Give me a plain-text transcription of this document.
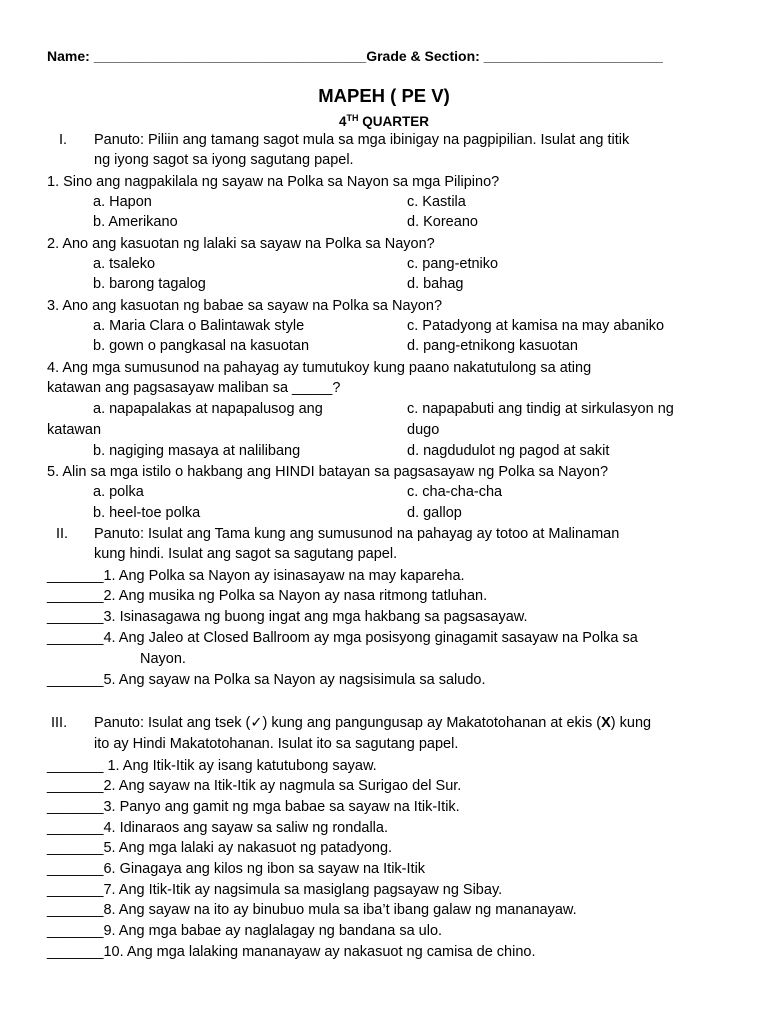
Name: ___________________________________Grade & Section: _______________________
MAPEH ( PE V)
4TH QUARTER
I. Panuto: Piliin ang tamang sagot mula sa mga ibinigay na pagpipilian. Isulat ang titik
ng iyong sagot sa iyong sagutang papel.
1. Sino ang nagpakilala ng sayaw na Polka sa Nayon sa mga Pilipino?
a. Hapon	c. Kastila
b. Amerikano	d. Koreano
2. Ano ang kasuotan ng lalaki sa sayaw na Polka sa Nayon?
a. tsaleko	c. pang-etniko
b. barong tagalog	d. bahag
3. Ano ang kasuotan ng babae sa sayaw na Polka sa Nayon?
a. Maria Clara o Balintawak style	c. Patadyong at kamisa na may abaniko
b. gown o pangkasal na kasuotan	d. pang-etnikong kasuotan
4. Ang mga sumusunod na pahayag ay tumutukoy kung paano nakatutulong sa ating
katawan ang pagsasayaw maliban sa _____?
a. napapalakas at napapalusog ang	c. napapabuti ang tindig at sirkulasyon ng
katawan	dugo
b. nagiging masaya at nalilibang	d. nagdudulot ng pagod at sakit
5. Alin sa mga istilo o hakbang ang HINDI batayan sa pagsasayaw ng Polka sa Nayon?
a. polka	c. cha-cha-cha
b. heel-toe polka	d. gallop
II. Panuto: Isulat ang Tama kung ang sumusunod na pahayag ay totoo at Malinaman
kung hindi. Isulat ang sagot sa sagutang papel.
_______1. Ang Polka sa Nayon ay isinasayaw na may kapareha.
_______2. Ang musika ng Polka sa Nayon ay nasa ritmong tatluhan.
_______3. Isinasagawa ng buong ingat ang mga hakbang sa pagsasayaw.
_______4. Ang Jaleo at Closed Ballroom ay mga posisyong ginagamit sasayaw na Polka sa
Nayon.
_______5. Ang sayaw na Polka sa Nayon ay nagsisimula sa saludo.
III. Panuto: Isulat ang tsek (✓) kung ang pangungusap ay Makatotohanan at ekis (X) kung
ito ay Hindi Makatotohanan. Isulat ito sa sagutang papel.
_______ 1. Ang Itik-Itik ay isang katutubong sayaw.
_______2. Ang sayaw na Itik-Itik ay nagmula sa Surigao del Sur.
_______3. Panyo ang gamit ng mga babae sa sayaw na Itik-Itik.
_______4. Idinaraos ang sayaw sa saliw ng rondalla.
_______5. Ang mga lalaki ay nakasuot ng patadyong.
_______6. Ginagaya ang kilos ng ibon sa sayaw na Itik-Itik
_______7. Ang Itik-Itik ay nagsimula sa masiglang pagsayaw ng Sibay.
_______8. Ang sayaw na ito ay binubuo mula sa iba’t ibang galaw ng mananayaw.
_______9. Ang mga babae ay naglalagay ng bandana sa ulo.
_______10. Ang mga lalaking mananayaw ay nakasuot ng camisa de chino.
